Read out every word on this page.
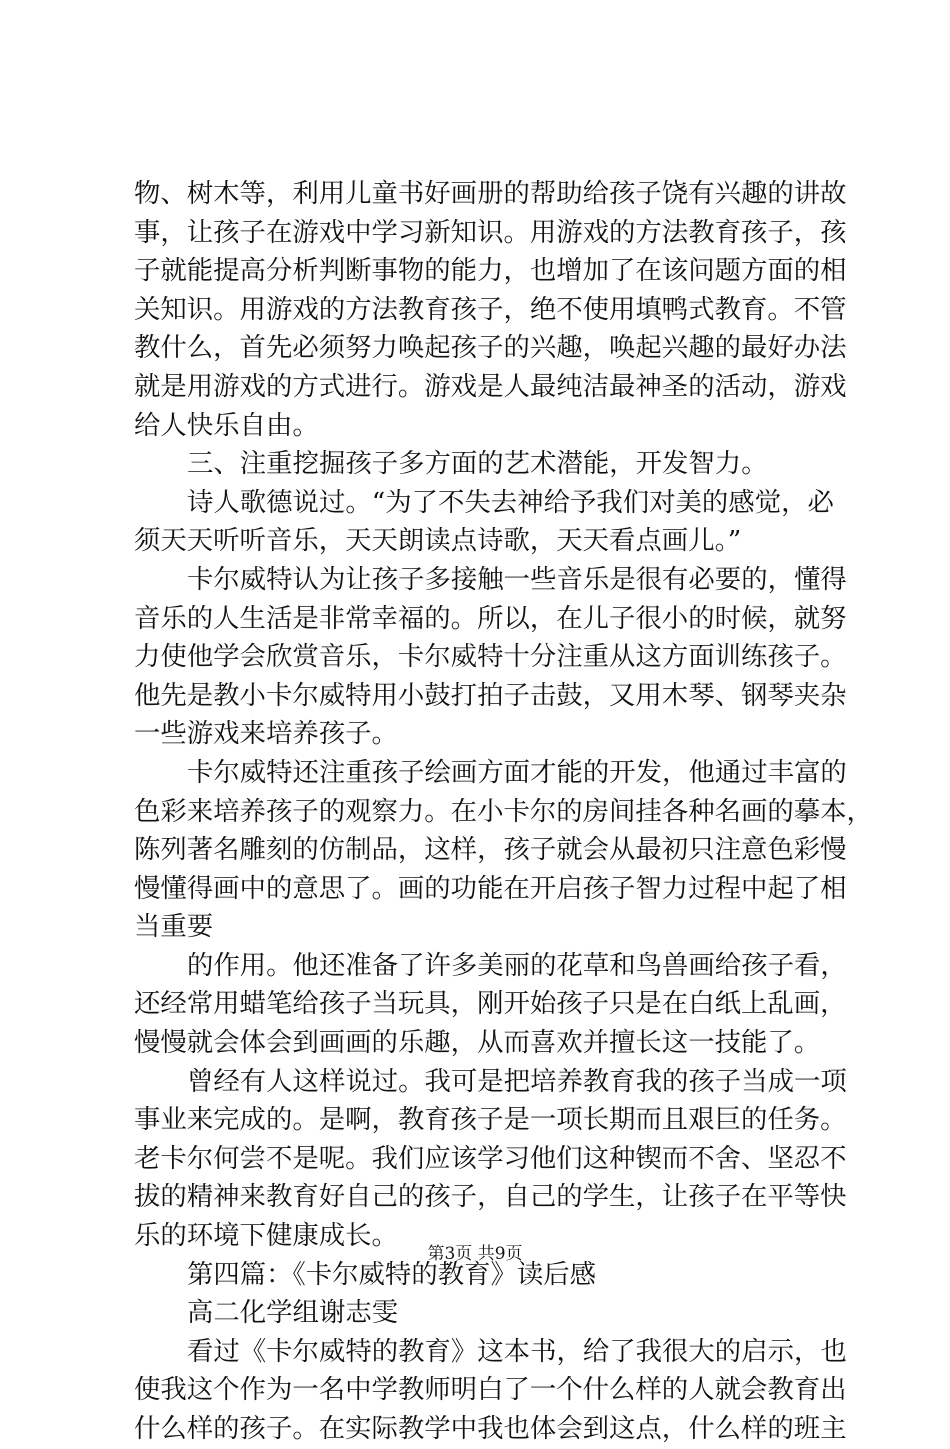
物、树木等，利用儿童书好画册的帮助给孩子饶有兴趣的讲故
事，让孩子在游戏中学习新知识。用游戏的方法教育孩子，孩
子就能提高分析判断事物的能力，也增加了在该问题方面的相
关知识。用游戏的方法教育孩子，绝不使用填鸭式教育。不管
教什么，首先必须努力唤起孩子的兴趣，唤起兴趣的最好办法
就是用游戏的方式进行。游戏是人最纯洁最神圣的活动，游戏
给人快乐自由。
三、注重挖掘孩子多方面的艺术潜能，开发智力。
诗人歌德说过。“为了不失去神给予我们对美的感觉，必
须天天听听音乐，天天朗读点诗歌，天天看点画儿。”
卡尔威特认为让孩子多接触一些音乐是很有必要的，懂得
音乐的人生活是非常幸福的。所以，在儿子很小的时候，就努
力使他学会欣赏音乐，卡尔威特十分注重从这方面训练孩子。
他先是教小卡尔威特用小鼓打拍子击鼓，又用木琴、钢琴夹杂
一些游戏来培养孩子。
卡尔威特还注重孩子绘画方面才能的开发，他通过丰富的
色彩来培养孩子的观察力。在小卡尔的房间挂各种名画的摹本，
陈列著名雕刻的仿制品，这样，孩子就会从最初只注意色彩慢
慢懂得画中的意思了。画的功能在开启孩子智力过程中起了相
当重要
的作用。他还准备了许多美丽的花草和鸟兽画给孩子看，
还经常用蜡笔给孩子当玩具，刚开始孩子只是在白纸上乱画，
慢慢就会体会到画画的乐趣，从而喜欢并擅长这一技能了。
曾经有人这样说过。我可是把培养教育我的孩子当成一项
事业来完成的。是啊，教育孩子是一项长期而且艰巨的任务。
老卡尔何尝不是呢。我们应该学习他们这种锲而不舍、坚忍不
拔的精神来教育好自己的孩子，自己的学生，让孩子在平等快
乐的环境下健康成长。
第四篇：《卡尔威特的教育》读后感
高二化学组谢志雯
看过《卡尔威特的教育》这本书，给了我很大的启示，也
使我这个作为一名中学教师明白了一个什么样的人就会教育出
什么样的孩子。在实际教学中我也体会到这点，什么样的班主
第3页 共9页
